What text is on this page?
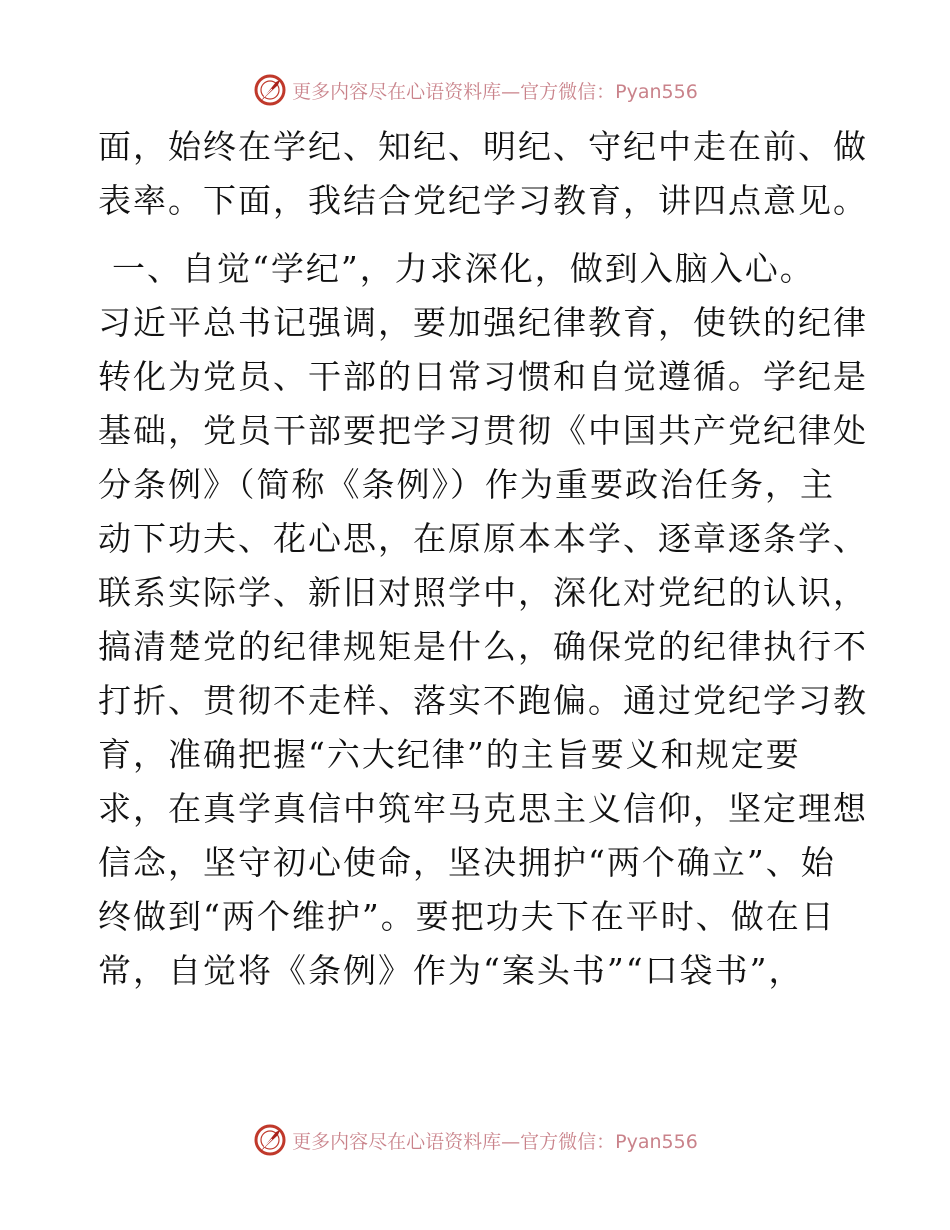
更多内容尽在心语资料库—官方微信：Pyan556
面，始终在学纪、知纪、明纪、守纪中走在前、做
表率。下面，我结合党纪学习教育，讲四点意见。
一、自觉“学纪”，力求深化，做到入脑入心。
习近平总书记强调，要加强纪律教育，使铁的纪律
转化为党员、干部的日常习惯和自觉遵循。学纪是
基础，党员干部要把学习贯彻《中国共产党纪律处
分条例》（简称《条例》）作为重要政治任务，主
动下功夫、花心思，在原原本本学、逐章逐条学、
联系实际学、新旧对照学中，深化对党纪的认识，
搞清楚党的纪律规矩是什么，确保党的纪律执行不
打折、贯彻不走样、落实不跑偏。通过党纪学习教
育，准确把握“六大纪律”的主旨要义和规定要
求，在真学真信中筑牢马克思主义信仰，坚定理想
信念，坚守初心使命，坚决拥护“两个确立”、始
终做到“两个维护”。要把功夫下在平时、做在日
常，自觉将《条例》作为“案头书”“口袋书”，
更多内容尽在心语资料库—官方微信：Pyan556
